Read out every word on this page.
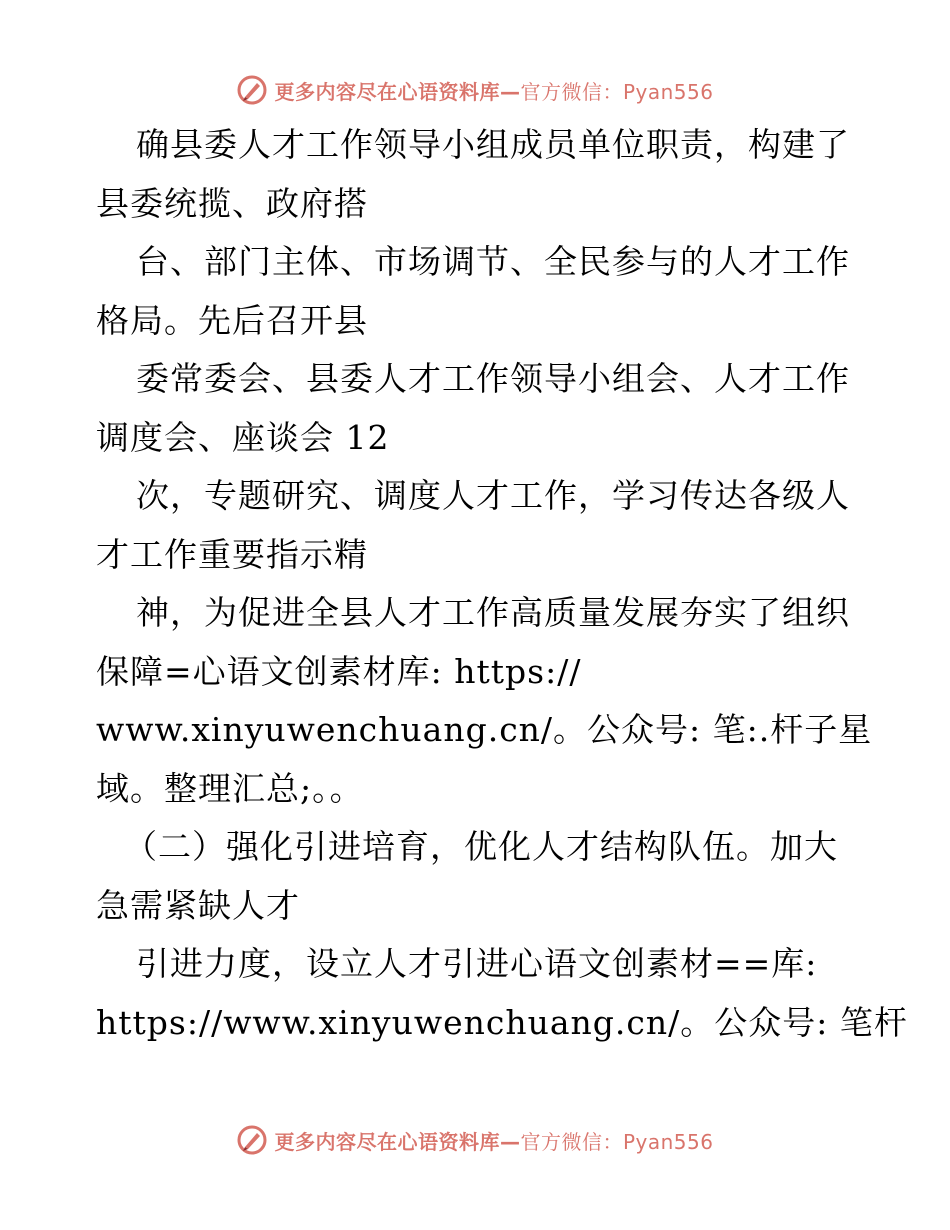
更多内容尽在心语资料库—官方微信：Pyan556
确县委人才工作领导小组成员单位职责，构建了
县委统揽、政府搭
台、部门主体、市场调节、全民参与的人才工作
格局。先后召开县
委常委会、县委人才工作领导小组会、人才工作
调度会、座谈会 12
次，专题研究、调度人才工作，学习传达各级人
才工作重要指示精
神，为促进全县人才工作高质量发展夯实了组织
保障=心语文创素材库: https://
www.xinyuwenchuang.cn/。公众号: 笔:.杆子星
域。整理汇总;。。
（二）强化引进培育，优化人才结构队伍。加大
急需紧缺人才
引进力度，设立人才引进心语文创素材==库:
https://www.xinyuwenchuang.cn/。公众号: 笔杆
更多内容尽在心语资料库—官方微信：Pyan556
